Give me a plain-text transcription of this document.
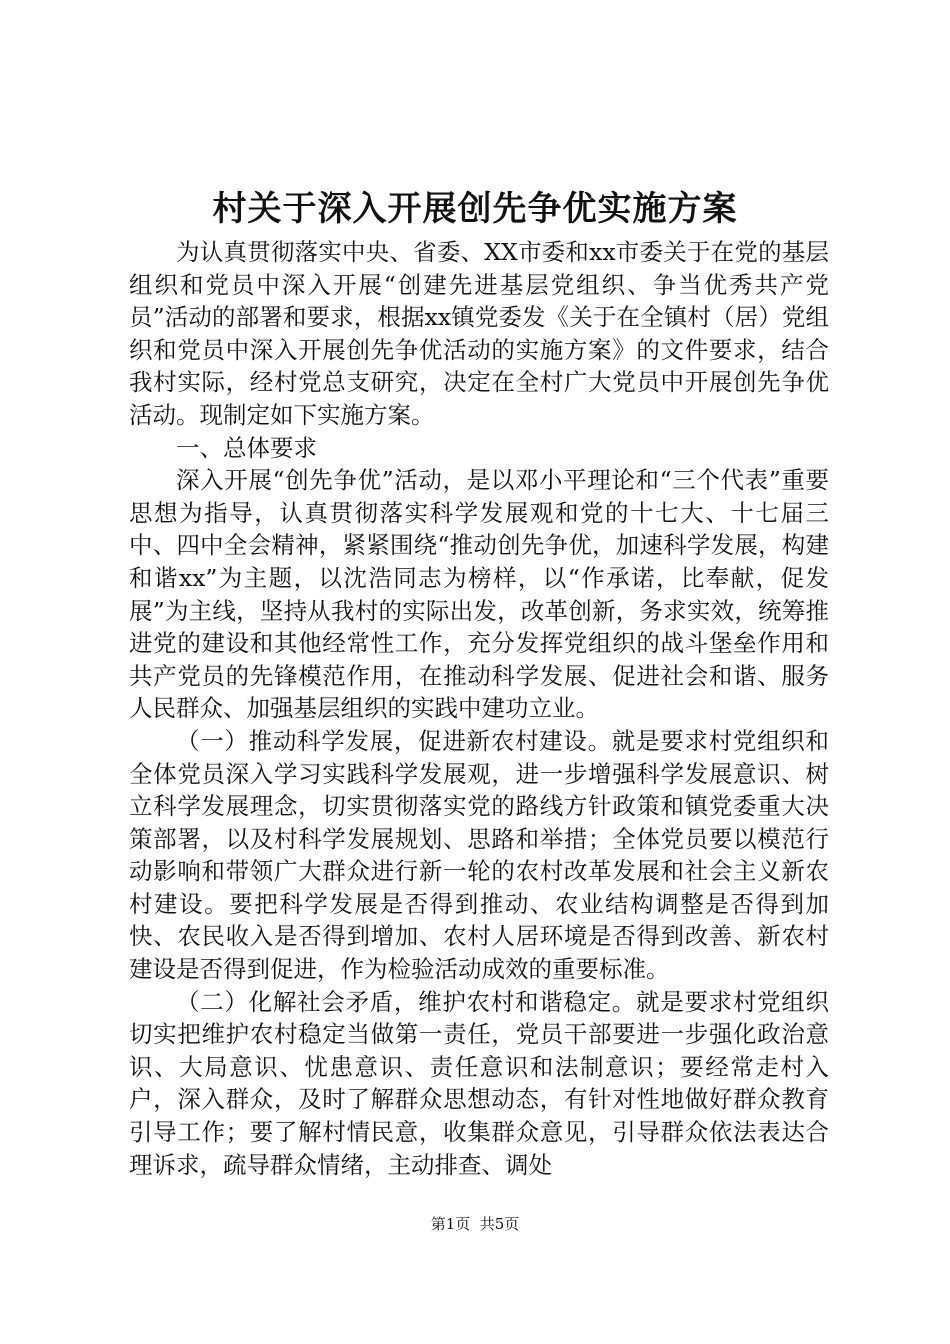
村关于深入开展创先争优实施方案

为认真贯彻落实中央、省委、XX市委和xx市委关于在党的基层组织和党员中深入开展“创建先进基层党组织、争当优秀共产党员”活动的部署和要求，根据xx镇党委发《关于在全镇村（居）党组织和党员中深入开展创先争优活动的实施方案》的文件要求，结合我村实际，经村党总支研究，决定在全村广大党员中开展创先争优活动。现制定如下实施方案。

一、总体要求

深入开展“创先争优”活动，是以邓小平理论和“三个代表”重要思想为指导，认真贯彻落实科学发展观和党的十七大、十七届三中、四中全会精神，紧紧围绕“推动创先争优，加速科学发展，构建和谐xx”为主题，以沈浩同志为榜样，以“作承诺，比奉献，促发展”为主线，坚持从我村的实际出发，改革创新，务求实效，统筹推进党的建设和其他经常性工作，充分发挥党组织的战斗堡垒作用和共产党员的先锋模范作用，在推动科学发展、促进社会和谐、服务人民群众、加强基层组织的实践中建功立业。

（一）推动科学发展，促进新农村建设。就是要求村党组织和全体党员深入学习实践科学发展观，进一步增强科学发展意识、树立科学发展理念，切实贯彻落实党的路线方针政策和镇党委重大决策部署，以及村科学发展规划、思路和举措；全体党员要以模范行动影响和带领广大群众进行新一轮的农村改革发展和社会主义新农村建设。要把科学发展是否得到推动、农业结构调整是否得到加快、农民收入是否得到增加、农村人居环境是否得到改善、新农村建设是否得到促进，作为检验活动成效的重要标准。

（二）化解社会矛盾，维护农村和谐稳定。就是要求村党组织切实把维护农村稳定当做第一责任，党员干部要进一步强化政治意识、大局意识、忧患意识、责任意识和法制意识；要经常走村入户，深入群众，及时了解群众思想动态，有针对性地做好群众教育引导工作；要了解村情民意，收集群众意见，引导群众依法表达合理诉求，疏导群众情绪，主动排查、调处

第1页  共5页
